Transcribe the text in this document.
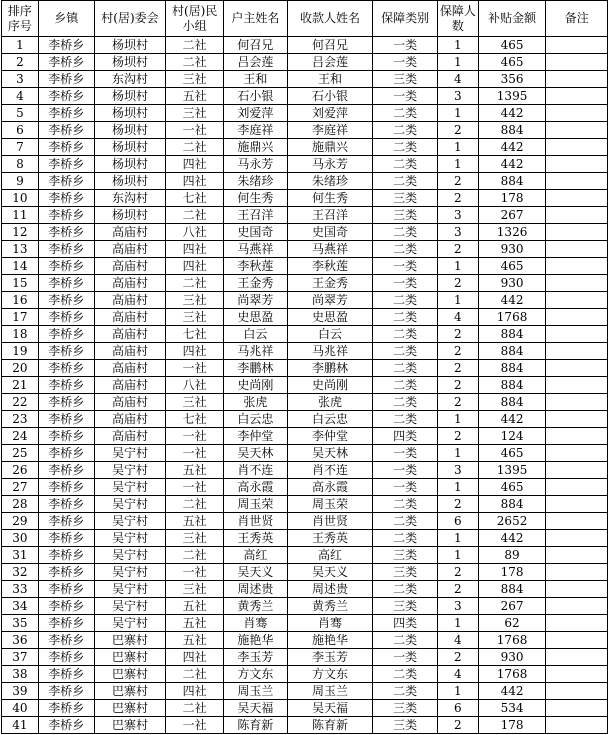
排序序号	乡镇	村(居)委会	村(居)民小组	户主姓名	收款人姓名	保障类别	保障人数	补贴金额	备注
1	李桥乡	杨坝村	二社	何召兄	何召兄	一类	1	465	
2	李桥乡	杨坝村	二社	吕会莲	吕会莲	一类	1	465	
3	李桥乡	东沟村	三社	王和	王和	三类	4	356	
4	李桥乡	杨坝村	五社	石小银	石小银	一类	3	1395	
5	李桥乡	杨坝村	三社	刘爱萍	刘爱萍	二类	1	442	
6	李桥乡	杨坝村	一社	李庭祥	李庭祥	二类	2	884	
7	李桥乡	杨坝村	二社	施鼎兴	施鼎兴	二类	1	442	
8	李桥乡	杨坝村	四社	马永芳	马永芳	二类	1	442	
9	李桥乡	杨坝村	四社	朱绪珍	朱绪珍	二类	2	884	
10	李桥乡	东沟村	七社	何生秀	何生秀	三类	2	178	
11	李桥乡	杨坝村	二社	王召洋	王召洋	三类	3	267	
12	李桥乡	高庙村	八社	史国奇	史国奇	二类	3	1326	
13	李桥乡	高庙村	四社	马燕祥	马燕祥	二类	2	930	
14	李桥乡	高庙村	四社	李秋莲	李秋莲	一类	1	465	
15	李桥乡	高庙村	二社	王金秀	王金秀	一类	2	930	
16	李桥乡	高庙村	三社	尚翠芳	尚翠芳	二类	1	442	
17	李桥乡	高庙村	三社	史思盈	史思盈	二类	4	1768	
18	李桥乡	高庙村	七社	白云	白云	二类	2	884	
19	李桥乡	高庙村	四社	马兆祥	马兆祥	二类	2	884	
20	李桥乡	高庙村	一社	李鹏林	李鹏林	二类	2	884	
21	李桥乡	高庙村	八社	史尚刚	史尚刚	二类	2	884	
22	李桥乡	高庙村	三社	张虎	张虎	二类	2	884	
23	李桥乡	高庙村	七社	白云忠	白云忠	二类	1	442	
24	李桥乡	高庙村	一社	李仲堂	李仲堂	四类	2	124	
25	李桥乡	吴宁村	一社	吴天林	吴天林	一类	1	465	
26	李桥乡	吴宁村	五社	肖不连	肖不连	一类	3	1395	
27	李桥乡	吴宁村	一社	高永霞	高永霞	一类	1	465	
28	李桥乡	吴宁村	二社	周玉荣	周玉荣	二类	2	884	
29	李桥乡	吴宁村	五社	肖世贤	肖世贤	二类	6	2652	
30	李桥乡	吴宁村	三社	王秀英	王秀英	二类	1	442	
31	李桥乡	吴宁村	二社	高红	高红	三类	1	89	
32	李桥乡	吴宁村	一社	吴天义	吴天义	三类	2	178	
33	李桥乡	吴宁村	三社	周述贵	周述贵	二类	2	884	
34	李桥乡	吴宁村	五社	黄秀兰	黄秀兰	三类	3	267	
35	李桥乡	吴宁村	五社	肖骞	肖骞	四类	1	62	
36	李桥乡	巴寨村	五社	施艳华	施艳华	二类	4	1768	
37	李桥乡	巴寨村	四社	李玉芳	李玉芳	一类	2	930	
38	李桥乡	巴寨村	二社	方文东	方文东	二类	4	1768	
39	李桥乡	巴寨村	四社	周玉兰	周玉兰	二类	1	442	
40	李桥乡	巴寨村	二社	吴天福	吴天福	三类	6	534	
41	李桥乡	巴寨村	一社	陈育新	陈育新	三类	2	178	
